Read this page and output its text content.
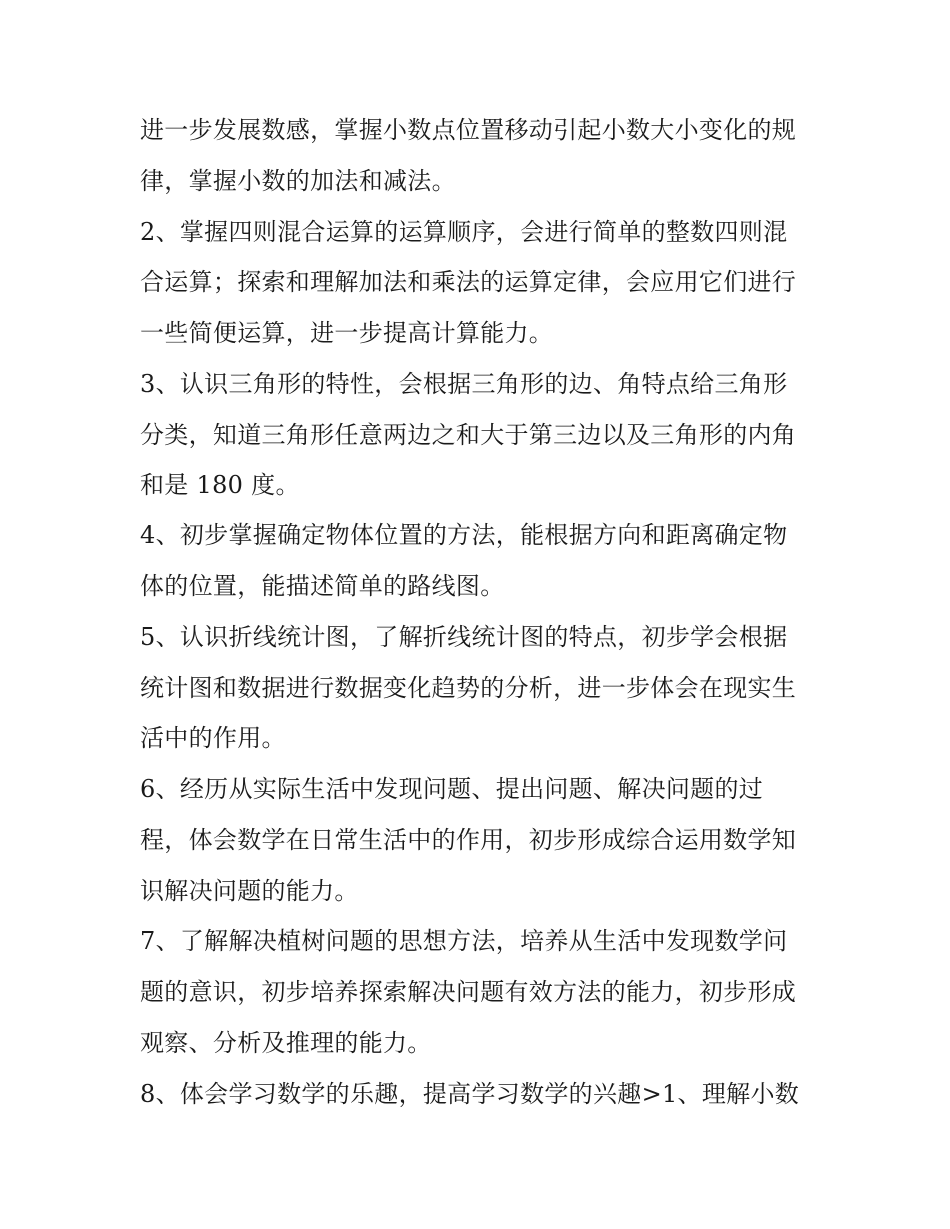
进一步发展数感，掌握小数点位置移动引起小数大小变化的规
律，掌握小数的加法和减法。
2、掌握四则混合运算的运算顺序，会进行简单的整数四则混
合运算；探索和理解加法和乘法的运算定律，会应用它们进行
一些简便运算，进一步提高计算能力。
3、认识三角形的特性，会根据三角形的边、角特点给三角形
分类，知道三角形任意两边之和大于第三边以及三角形的内角
和是 180 度。
4、初步掌握确定物体位置的方法，能根据方向和距离确定物
体的位置，能描述简单的路线图。
5、认识折线统计图，了解折线统计图的特点，初步学会根据
统计图和数据进行数据变化趋势的分析，进一步体会在现实生
活中的作用。
6、经历从实际生活中发现问题、提出问题、解决问题的过
程，体会数学在日常生活中的作用，初步形成综合运用数学知
识解决问题的能力。
7、了解解决植树问题的思想方法，培养从生活中发现数学问
题的意识，初步培养探索解决问题有效方法的能力，初步形成
观察、分析及推理的能力。
8、体会学习数学的乐趣，提高学习数学的兴趣>1、理解小数
